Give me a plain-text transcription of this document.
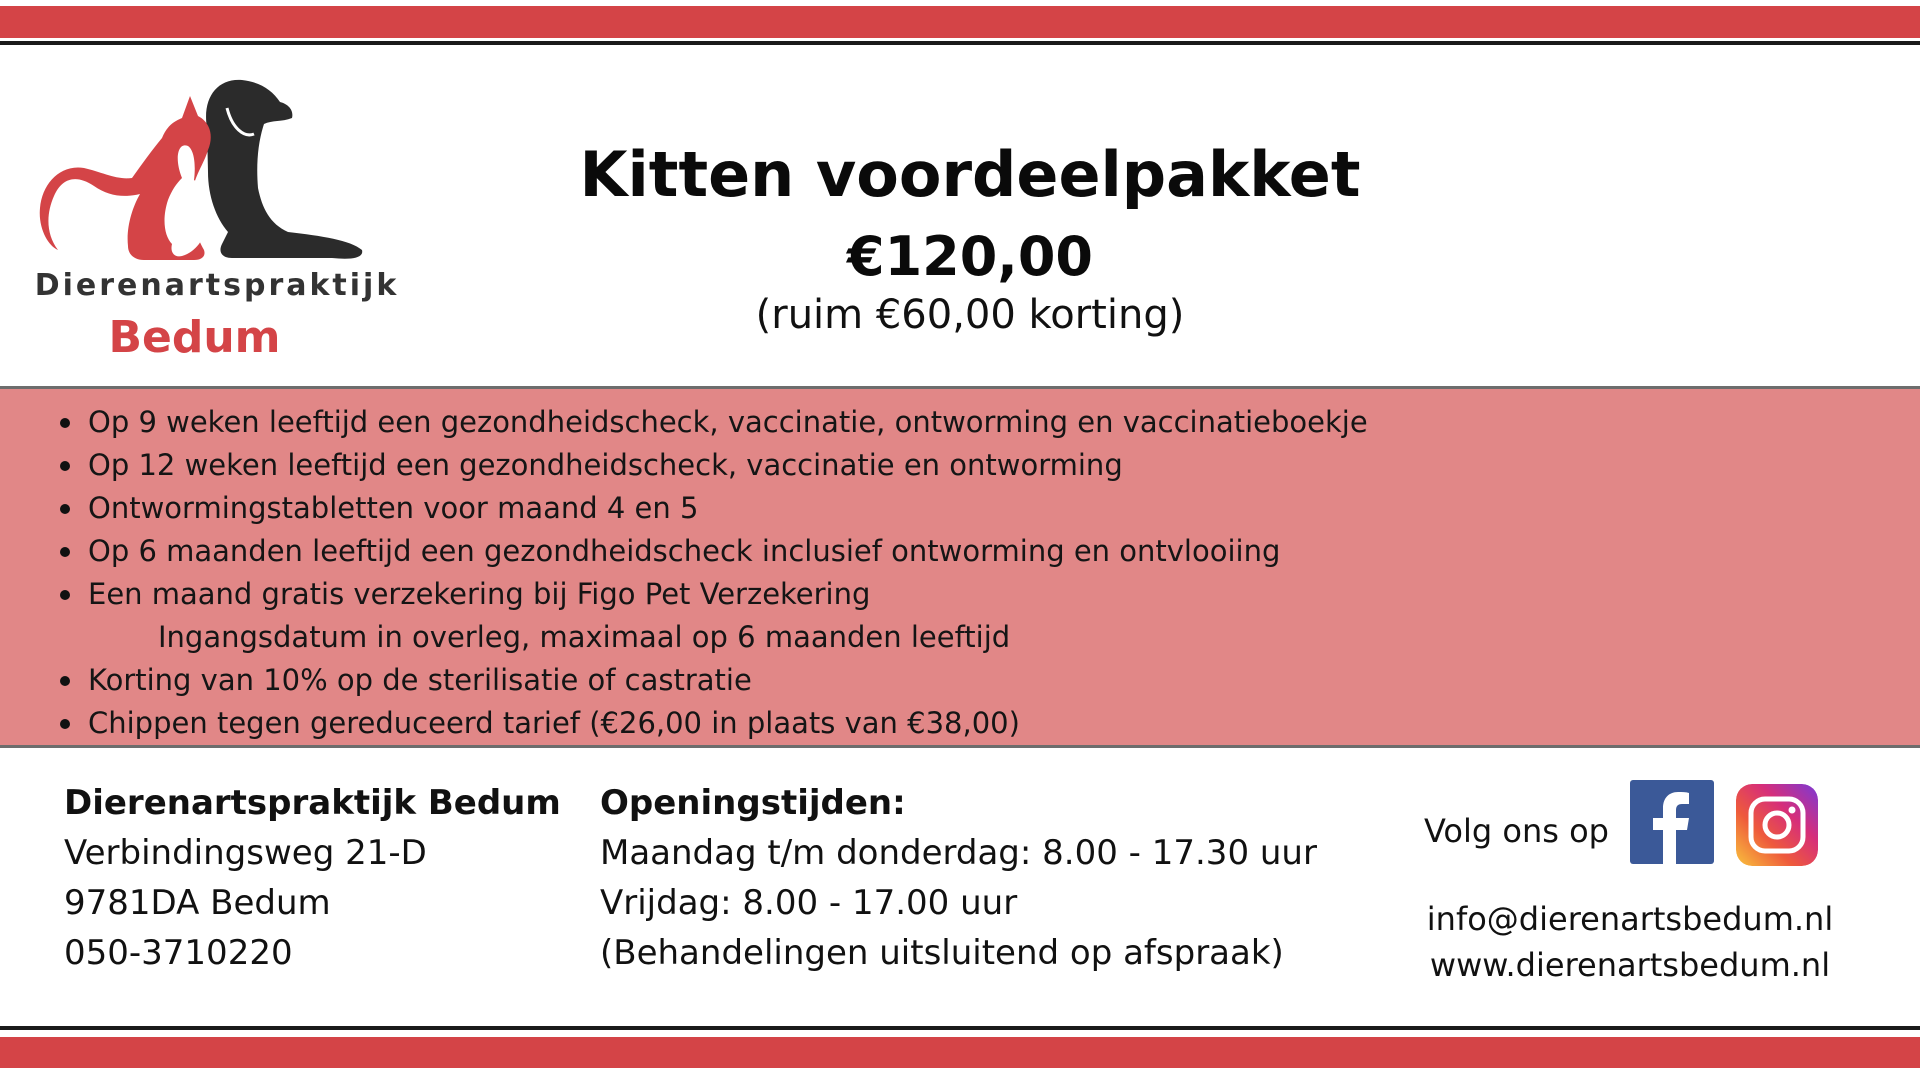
Dierenartspraktijk
Bedum
Kitten voordeelpakket
€120,00
(ruim €60,00 korting)
Op 9 weken leeftijd een gezondheidscheck, vaccinatie, ontworming en vaccinatieboekje
Op 12 weken leeftijd een gezondheidscheck, vaccinatie en ontworming
Ontwormingstabletten voor maand 4 en 5
Op 6 maanden leeftijd een gezondheidscheck inclusief ontworming en ontvlooiing
Een maand gratis verzekering bij Figo Pet Verzekering
Ingangsdatum in overleg, maximaal op 6 maanden leeftijd
Korting van 10% op de sterilisatie of castratie
Chippen tegen gereduceerd tarief (€26,00 in plaats van €38,00)
Dierenartspraktijk Bedum
Verbindingsweg 21-D
9781DA Bedum
050-3710220
Openingstijden:
Maandag t/m donderdag: 8.00 - 17.30 uur
Vrijdag: 8.00 - 17.00 uur
(Behandelingen uitsluitend op afspraak)
Volg ons op
info@dierenartsbedum.nl
www.dierenartsbedum.nl
